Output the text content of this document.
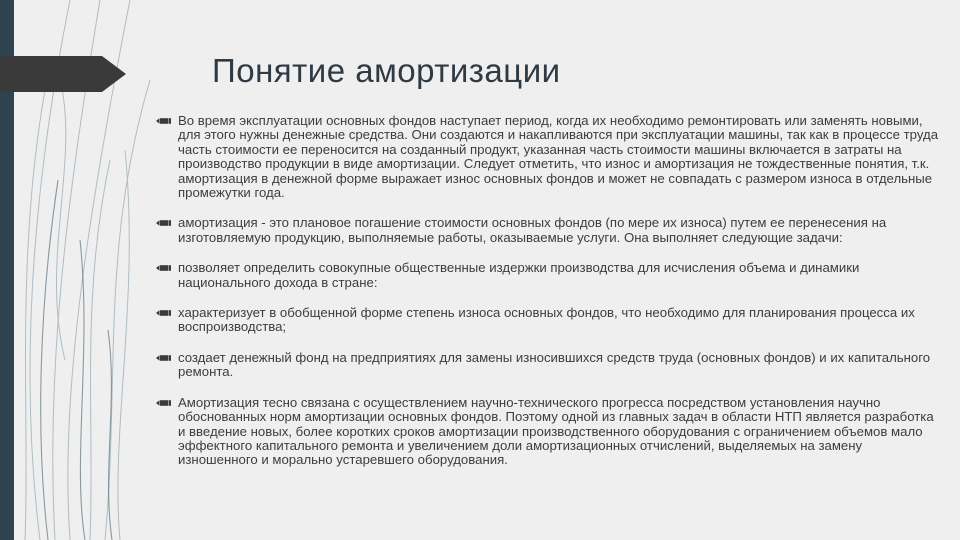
Понятие амортизации
Во время эксплуатации основных фондов наступает период, когда их необходимо ремонтировать или заменять новыми, для этого нужны денежные средства. Они создаются и накапливаются при эксплуатации машины, так как в процессе труда часть стоимости ее переносится на созданный продукт, указанная часть стоимости машины включается в затраты на производство продукции в виде амортизации. Следует отметить, что износ и амортизация не тождественные понятия, т.к. амортизация в денежной форме выражает износ основных фондов и может не совпадать с размером износа в отдельные промежутки года.
амортизация - это плановое погашение стоимости основных фондов (по мере их износа) путем ее перенесения на изготовляемую продукцию, выполняемые работы, оказываемые услуги. Она выполняет следующие задачи:
позволяет определить совокупные общественные издержки производства для исчисления объема и динамики национального дохода в стране:
характеризует в обобщенной форме степень износа основных фондов, что необходимо для планирования процесса их воспроизводства;
создает денежный фонд на предприятиях для замены износившихся средств труда (основных фондов) и их капитального ремонта.
Амортизация тесно связана с осуществлением научно-технического прогресса посредством установления научно обоснованных норм амортизации основных фондов. Поэтому одной из главных задач в области НТП является разработка и введение новых, более коротких сроков амортизации производственного оборудования с ограничением объемов мало эффектного капитального ремонта и увеличением доли амортизационных отчислений, выделяемых на замену изношенного и морально устаревшего оборудования.
